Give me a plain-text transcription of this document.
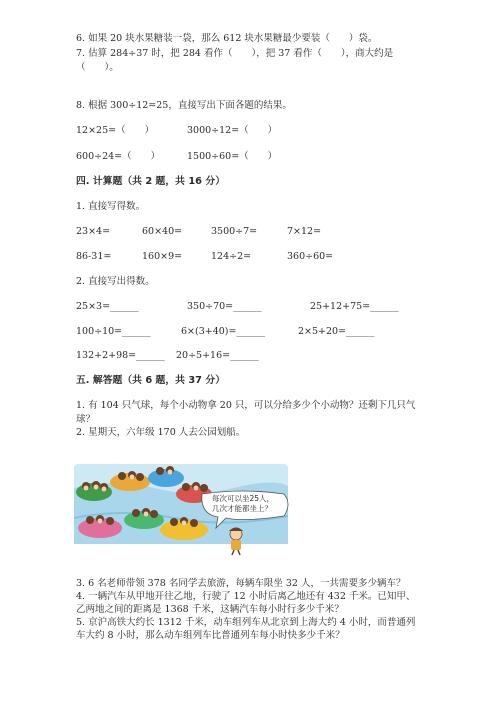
6. 如果 20 块水果糖装一袋，那么 612 块水果糖最少要装（　　）袋。
7. 估算 284÷37 时，把 284 看作（　　），把 37 看作（　　），商大约是
（　　）。
8. 根据 300÷12=25，直接写出下面各题的结果。
12×25=（　　）	3000÷12=（　　）
600÷24=（　　）	1500÷60=（　　）
四. 计算题（共 2 题，共 16 分）
1. 直接写得数。
23×4=	60×40=	3500÷7=	7×12=
86-31=	160×9=	124÷2=	360÷60=
2. 直接写出得数。
25×3=______	350÷70=______	25+12+75=______
100÷10=______	6×(3+40)=______	2×5+20=______
132+2+98=______ 20÷5+16=______
五. 解答题（共 6 题，共 37 分）
1. 有 104 只气球，每个小动物拿 20 只，可以分给多少个小动物？还剩下几只气
球？
2. 星期天，六年级 170 人去公园划船。
每次可以坐25人，
几次才能都坐上？
3. 6 名老师带领 378 名同学去旅游，每辆车限坐 32 人，一共需要多少辆车？
4. 一辆汽车从甲地开往乙地，行驶了 12 小时后离乙地还有 432 千米。已知甲、
乙两地之间的距离是 1368 千米，这辆汽车每小时行多少千米？
5. 京沪高铁大约长 1312 千米，动车组列车从北京到上海大约 4 小时，而普通列
车大约 8 小时，那么动车组列车比普通列车每小时快多少千米？
